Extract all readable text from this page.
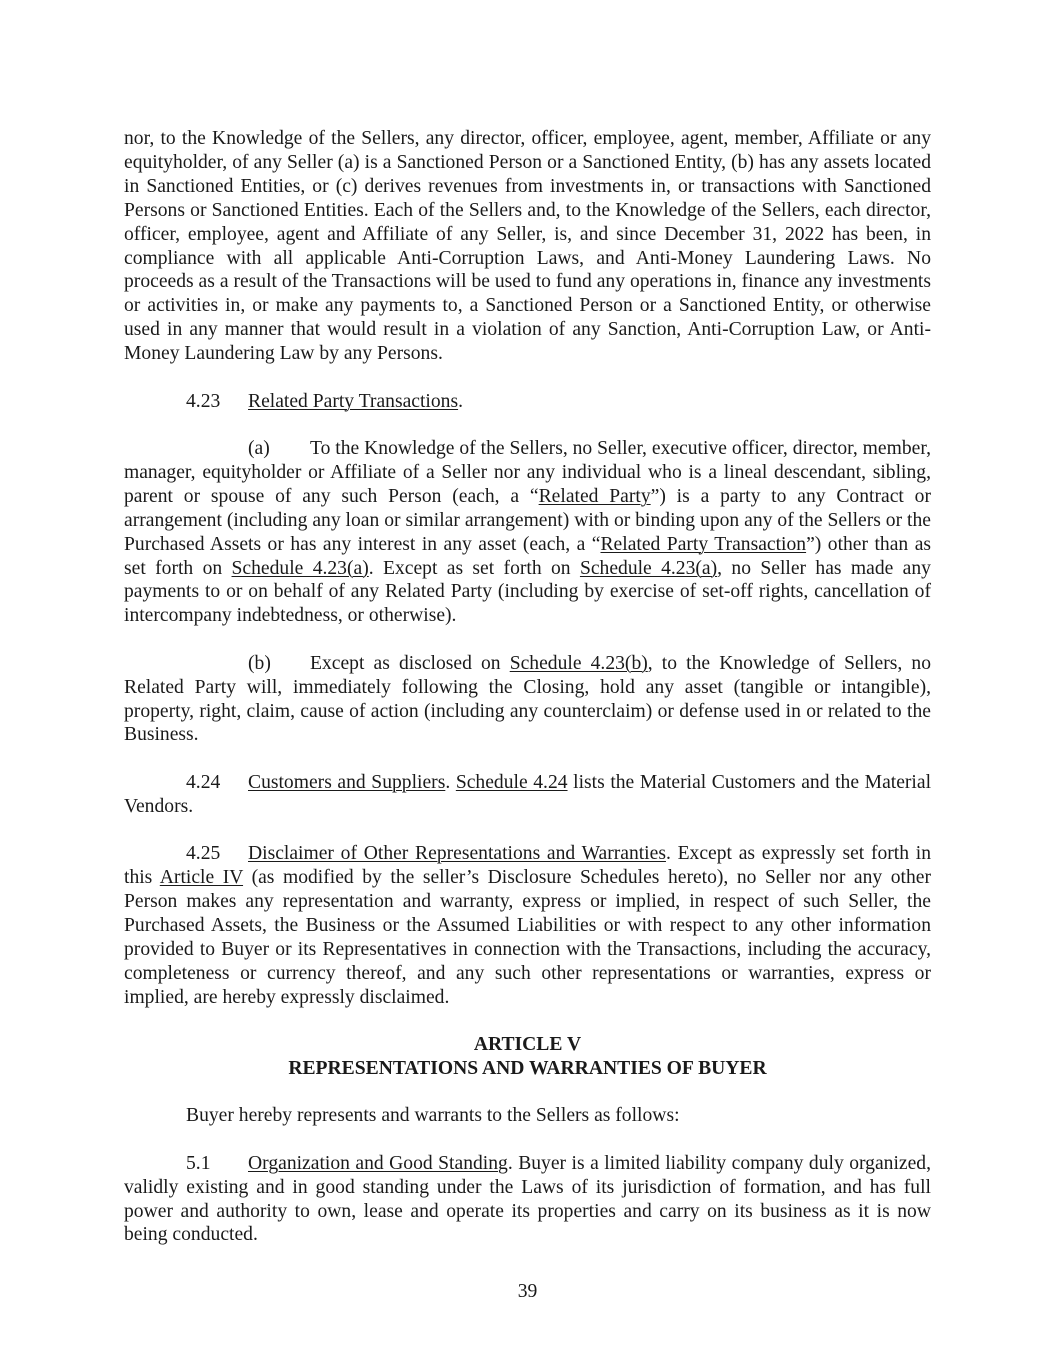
nor, to the Knowledge of the Sellers, any director, officer, employee, agent, member, Affiliate or any equityholder, of any Seller (a) is a Sanctioned Person or a Sanctioned Entity, (b) has any assets located in Sanctioned Entities, or (c) derives revenues from investments in, or transactions with Sanctioned Persons or Sanctioned Entities. Each of the Sellers and, to the Knowledge of the Sellers, each director, officer, employee, agent and Affiliate of any Seller, is, and since December 31, 2022 has been, in compliance with all applicable Anti-Corruption Laws, and Anti-Money Laundering Laws. No proceeds as a result of the Transactions will be used to fund any operations in, finance any investments or activities in, or make any payments to, a Sanctioned Person or a Sanctioned Entity, or otherwise used in any manner that would result in a violation of any Sanction, Anti-Corruption Law, or Anti-Money Laundering Law by any Persons.

4.23 Related Party Transactions.

(a) To the Knowledge of the Sellers, no Seller, executive officer, director, member, manager, equityholder or Affiliate of a Seller nor any individual who is a lineal descendant, sibling, parent or spouse of any such Person (each, a “Related Party”) is a party to any Contract or arrangement (including any loan or similar arrangement) with or binding upon any of the Sellers or the Purchased Assets or has any interest in any asset (each, a “Related Party Transaction”) other than as set forth on Schedule 4.23(a). Except as set forth on Schedule 4.23(a), no Seller has made any payments to or on behalf of any Related Party (including by exercise of set-off rights, cancellation of intercompany indebtedness, or otherwise).

(b) Except as disclosed on Schedule 4.23(b), to the Knowledge of Sellers, no Related Party will, immediately following the Closing, hold any asset (tangible or intangible), property, right, claim, cause of action (including any counterclaim) or defense used in or related to the Business.

4.24 Customers and Suppliers. Schedule 4.24 lists the Material Customers and the Material Vendors.

4.25 Disclaimer of Other Representations and Warranties. Except as expressly set forth in this Article IV (as modified by the seller’s Disclosure Schedules hereto), no Seller nor any other Person makes any representation and warranty, express or implied, in respect of such Seller, the Purchased Assets, the Business or the Assumed Liabilities or with respect to any other information provided to Buyer or its Representatives in connection with the Transactions, including the accuracy, completeness or currency thereof, and any such other representations or warranties, express or implied, are hereby expressly disclaimed.

ARTICLE V

REPRESENTATIONS AND WARRANTIES OF BUYER

Buyer hereby represents and warrants to the Sellers as follows:

5.1 Organization and Good Standing. Buyer is a limited liability company duly organized, validly existing and in good standing under the Laws of its jurisdiction of formation, and has full power and authority to own, lease and operate its properties and carry on its business as it is now being conducted.

39
